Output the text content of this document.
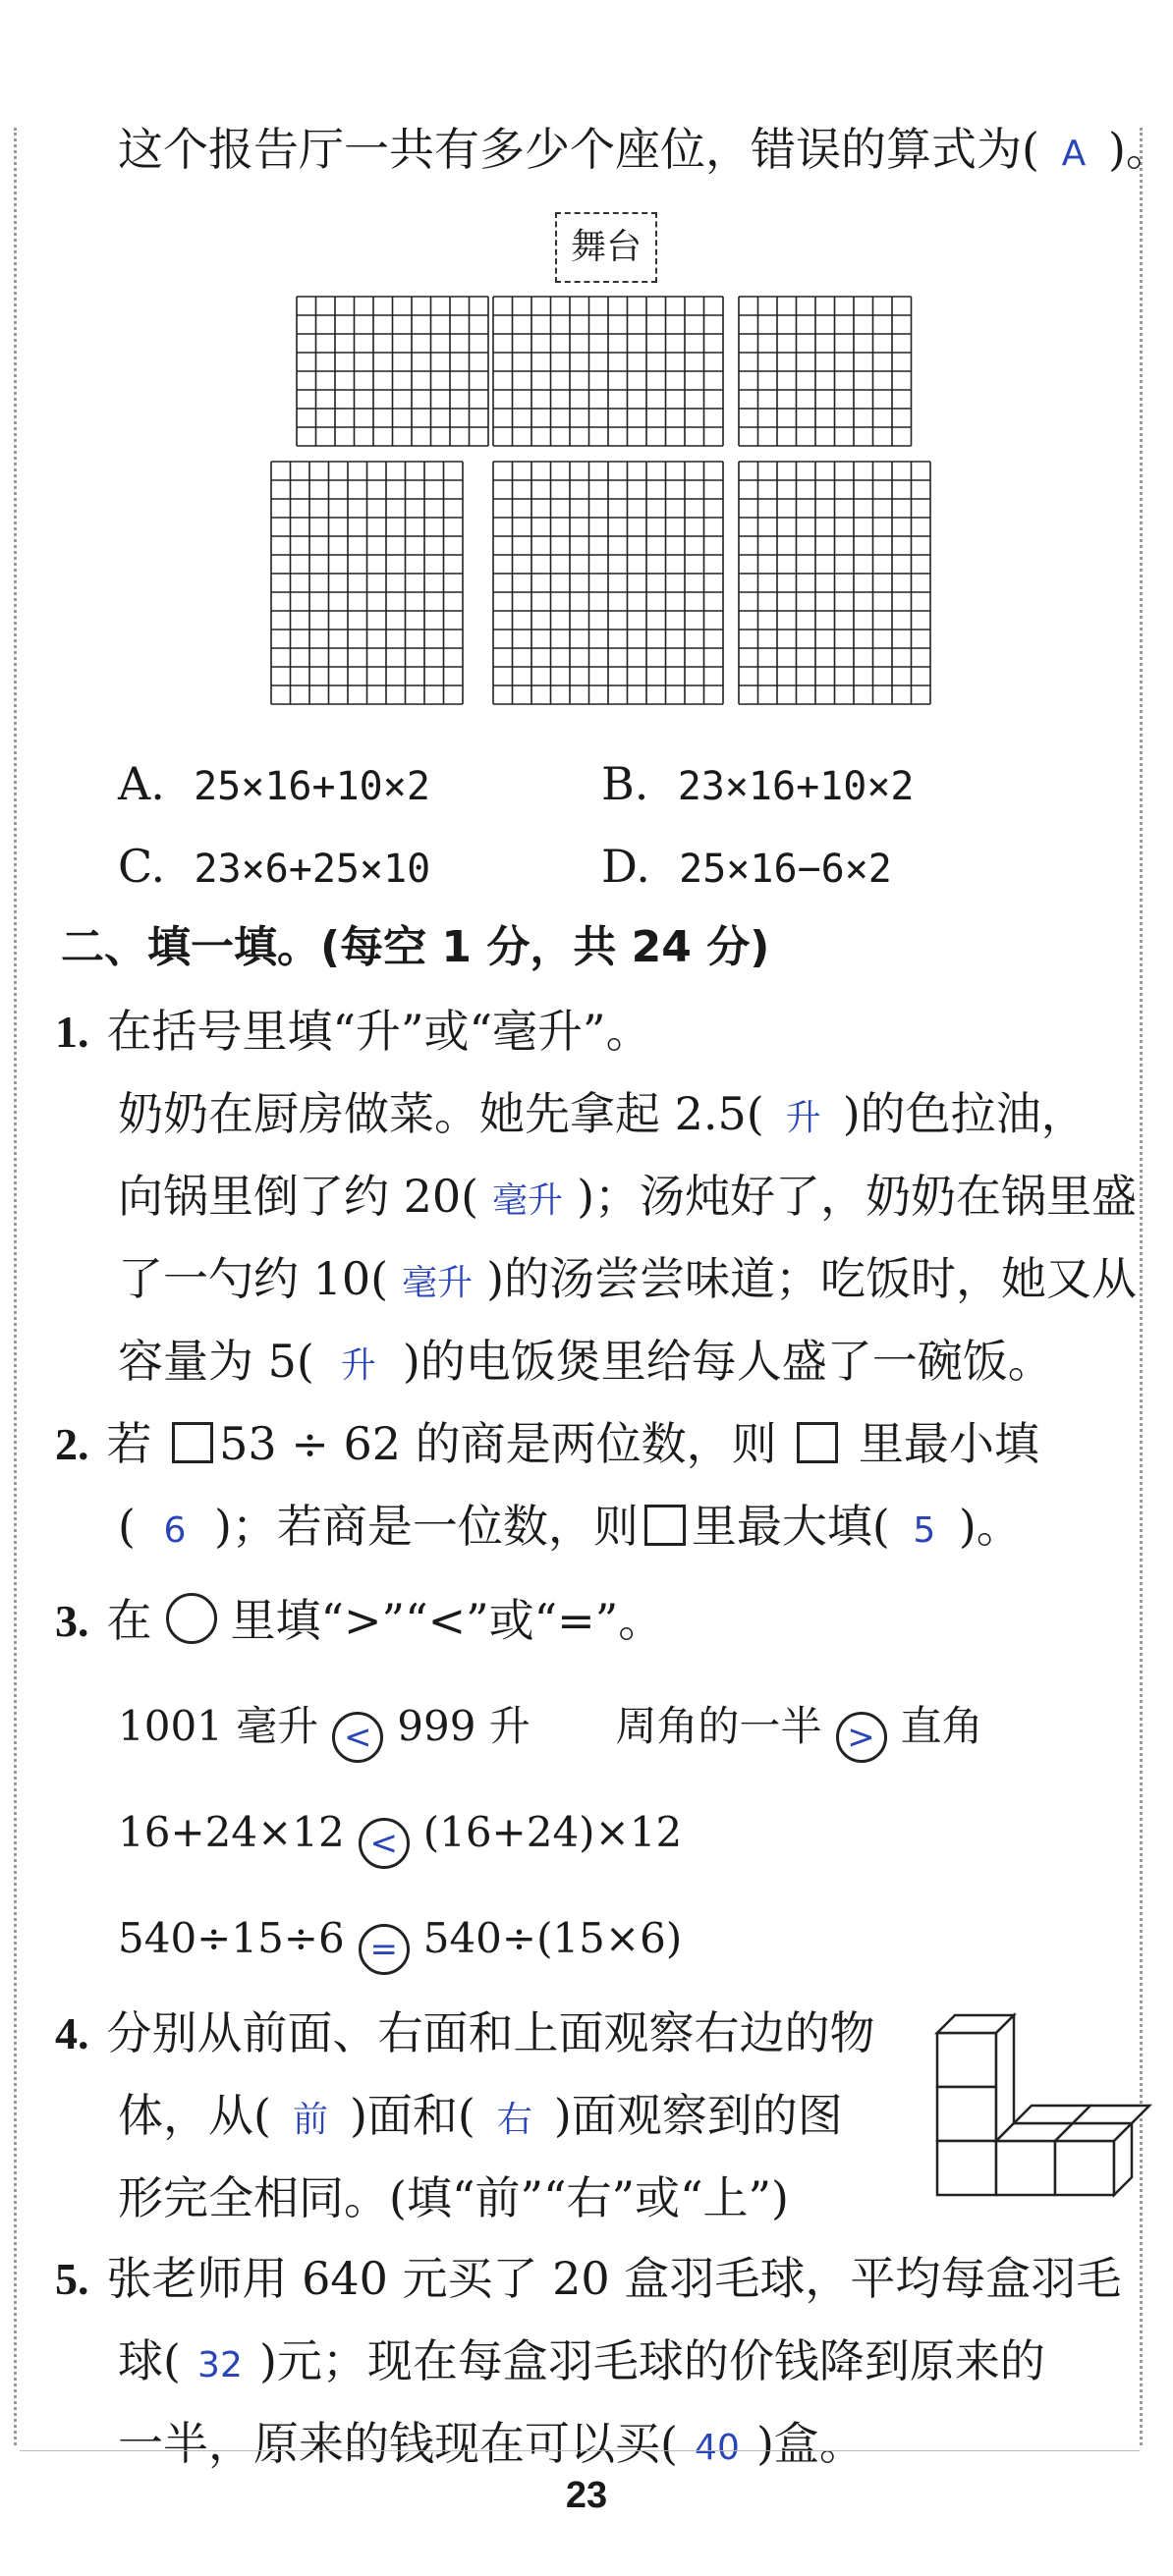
这个报告厅一共有多少个座位，错误的算式为( A )。
舞台
A. 25×16+10×2	B. 23×16+10×2
C. 23×6+25×10	D. 25×16−6×2
二、填一填。(每空 1 分，共 24 分)
1. 在括号里填“升”或“毫升”。
奶奶在厨房做菜。她先拿起 2.5( 升 )的色拉油，
向锅里倒了约 20( 毫升 )；汤炖好了，奶奶在锅里盛
了一勺约 10( 毫升 )的汤尝尝味道；吃饭时，她又从
容量为 5( 升 )的电饭煲里给每人盛了一碗饭。
2. 若 53 ÷ 62 的商是两位数，则 里最小填
( 6 )；若商是一位数，则 里最大填( 5 )。
3. 在 里填“>”“<”或“=”。
1001 毫升 < 999 升 周角的一半 > 直角
16+24×12 < (16+24)×12
540÷15÷6 = 540÷(15×6)
4. 分别从前面、右面和上面观察右边的物
体，从( 前 )面和( 右 )面观察到的图
形完全相同。(填“前”“右”或“上”)
5. 张老师用 640 元买了 20 盒羽毛球，平均每盒羽毛
球( 32 )元；现在每盒羽毛球的价钱降到原来的
一半，原来的钱现在可以买( 40 )盒。
23
